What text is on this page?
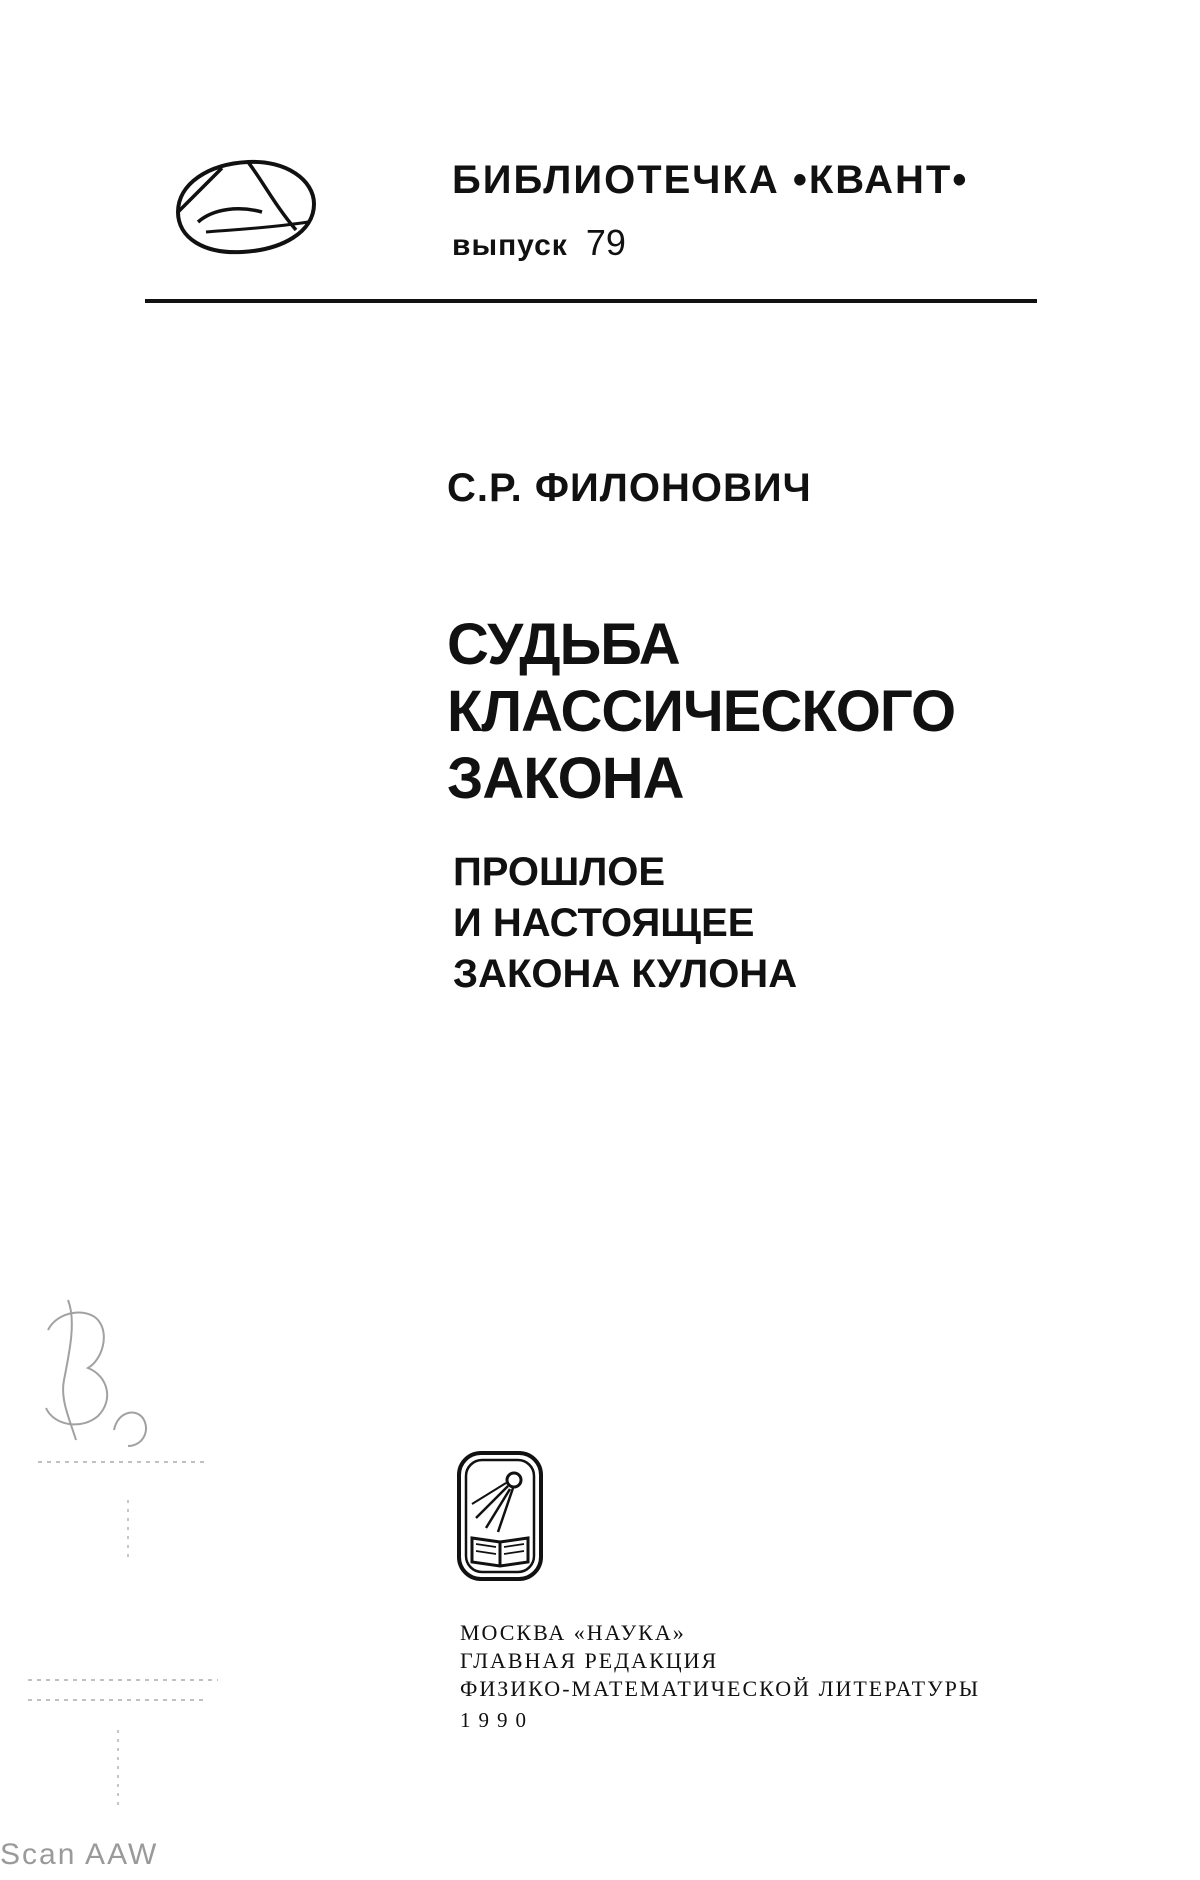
БИБЛИОТЕЧКА •КВАНТ•
выпуск 79
С.Р. ФИЛОНОВИЧ
СУДЬБА
КЛАССИЧЕСКОГО
ЗАКОНА
ПРОШЛОЕ
И НАСТОЯЩЕЕ
ЗАКОНА КУЛОНА
МОСКВА «НАУКА»
ГЛАВНАЯ РЕДАКЦИЯ
ФИЗИКО-МАТЕМАТИЧЕСКОЙ ЛИТЕРАТУРЫ
1990
Scan AAW
